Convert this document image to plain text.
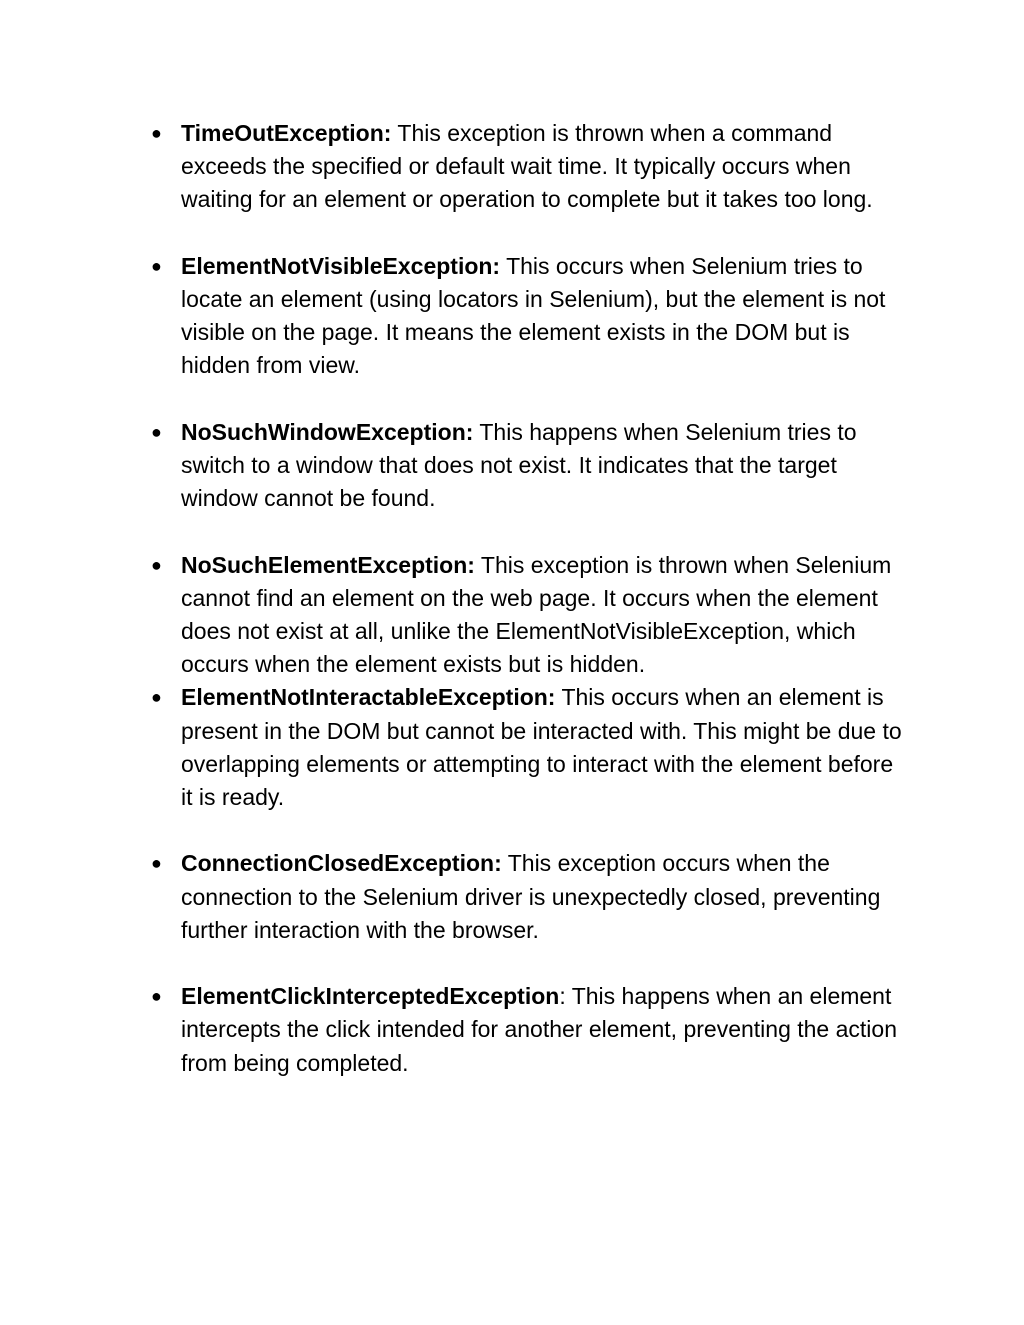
● TimeOutException: This exception is thrown when a command exceeds the specified or default wait time. It typically occurs when waiting for an element or operation to complete but it takes too long.
● ElementNotVisibleException: This occurs when Selenium tries to locate an element (using locators in Selenium), but the element is not visible on the page. It means the element exists in the DOM but is hidden from view.
● NoSuchWindowException: This happens when Selenium tries to switch to a window that does not exist. It indicates that the target window cannot be found.
● NoSuchElementException: This exception is thrown when Selenium cannot find an element on the web page. It occurs when the element does not exist at all, unlike the ElementNotVisibleException, which occurs when the element exists but is hidden.
● ElementNotInteractableException: This occurs when an element is present in the DOM but cannot be interacted with. This might be due to overlapping elements or attempting to interact with the element before it is ready.
● ConnectionClosedException: This exception occurs when the connection to the Selenium driver is unexpectedly closed, preventing further interaction with the browser.
● ElementClickInterceptedException: This happens when an element intercepts the click intended for another element, preventing the action from being completed.
